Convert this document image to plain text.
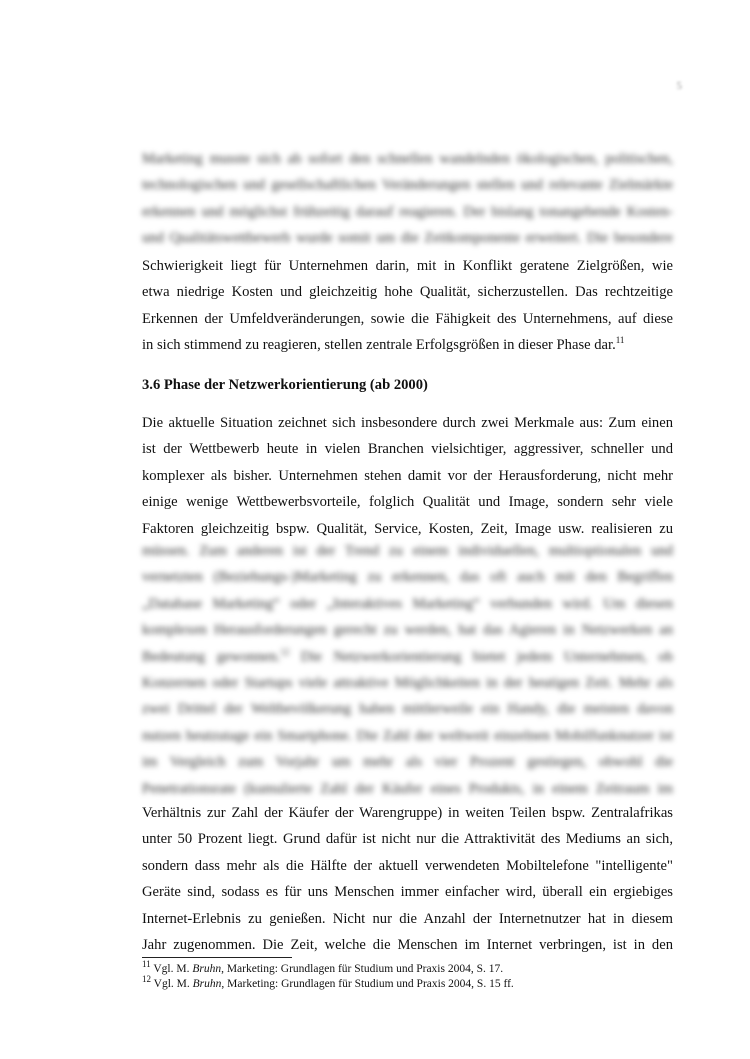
5
Marketing musste sich ab sofort den schnellen wandelnden ökologischen, politischen,
technologischen und gesellschaftlichen Veränderungen stellen und relevante Zielmärkte
erkennen und möglichst frühzeitig darauf reagieren. Der bislang tonangebende Kosten-
und Qualitätswettbewerb wurde somit um die Zeitkomponente erweitert. Die besondere
Schwierigkeit liegt für Unternehmen darin, mit in Konflikt geratene Zielgrößen, wie
etwa niedrige Kosten und gleichzeitig hohe Qualität, sicherzustellen. Das rechtzeitige
Erkennen der Umfeldveränderungen, sowie die Fähigkeit des Unternehmens, auf diese
in sich stimmend zu reagieren, stellen zentrale Erfolgsgrößen in dieser Phase dar.$^{11}$
3.6 Phase der Netzwerkorientierung (ab 2000)
Die aktuelle Situation zeichnet sich insbesondere durch zwei Merkmale aus: Zum einen
ist der Wettbewerb heute in vielen Branchen vielsichtiger, aggressiver, schneller und
komplexer als bisher. Unternehmen stehen damit vor der Herausforderung, nicht mehr
einige wenige Wettbewerbsvorteile, folglich Qualität und Image, sondern sehr viele
Faktoren gleichzeitig bspw. Qualität, Service, Kosten, Zeit, Image usw. realisieren zu
müssen. Zum anderen ist der Trend zu einem individuellen, multioptionalen und
vernetzten (Beziehungs-)Marketing zu erkennen, das oft auch mit den Begriffen
„Database Marketing“ oder „Interaktives Marketing“ verbunden wird. Um diesen
komplexen Herausforderungen gerecht zu werden, hat das Agieren in Netzwerken an
Bedeutung gewonnen.$^{12}$ Die Netzwerkorientierung bietet jedem Unternehmen, ob
Konzernen oder Startups viele attraktive Möglichkeiten in der heutigen Zeit. Mehr als
zwei Drittel der Weltbevölkerung haben mittlerweile ein Handy, die meisten davon
nutzen heutzutage ein Smartphone. Die Zahl der weltweit einzelnen Mobilfunknutzer ist
im Vergleich zum Vorjahr um mehr als vier Prozent gestiegen, obwohl die
Penetrationsrate (kumulierte Zahl der Käufer eines Produkts, in einem Zeitraum im
Verhältnis zur Zahl der Käufer der Warengruppe) in weiten Teilen bspw. Zentralafrikas
unter 50 Prozent liegt. Grund dafür ist nicht nur die Attraktivität des Mediums an sich,
sondern dass mehr als die Hälfte der aktuell verwendeten Mobiltelefone "intelligente"
Geräte sind, sodass es für uns Menschen immer einfacher wird, überall ein ergiebiges
Internet-Erlebnis zu genießen. Nicht nur die Anzahl der Internetnutzer hat in diesem
Jahr zugenommen. Die Zeit, welche die Menschen im Internet verbringen, ist in den

$^{11}$ Vgl. M. Bruhn, Marketing: Grundlagen für Studium und Praxis 2004, S. 17.

$^{12}$ Vgl. M. Bruhn, Marketing: Grundlagen für Studium und Praxis 2004, S. 15 ff.
